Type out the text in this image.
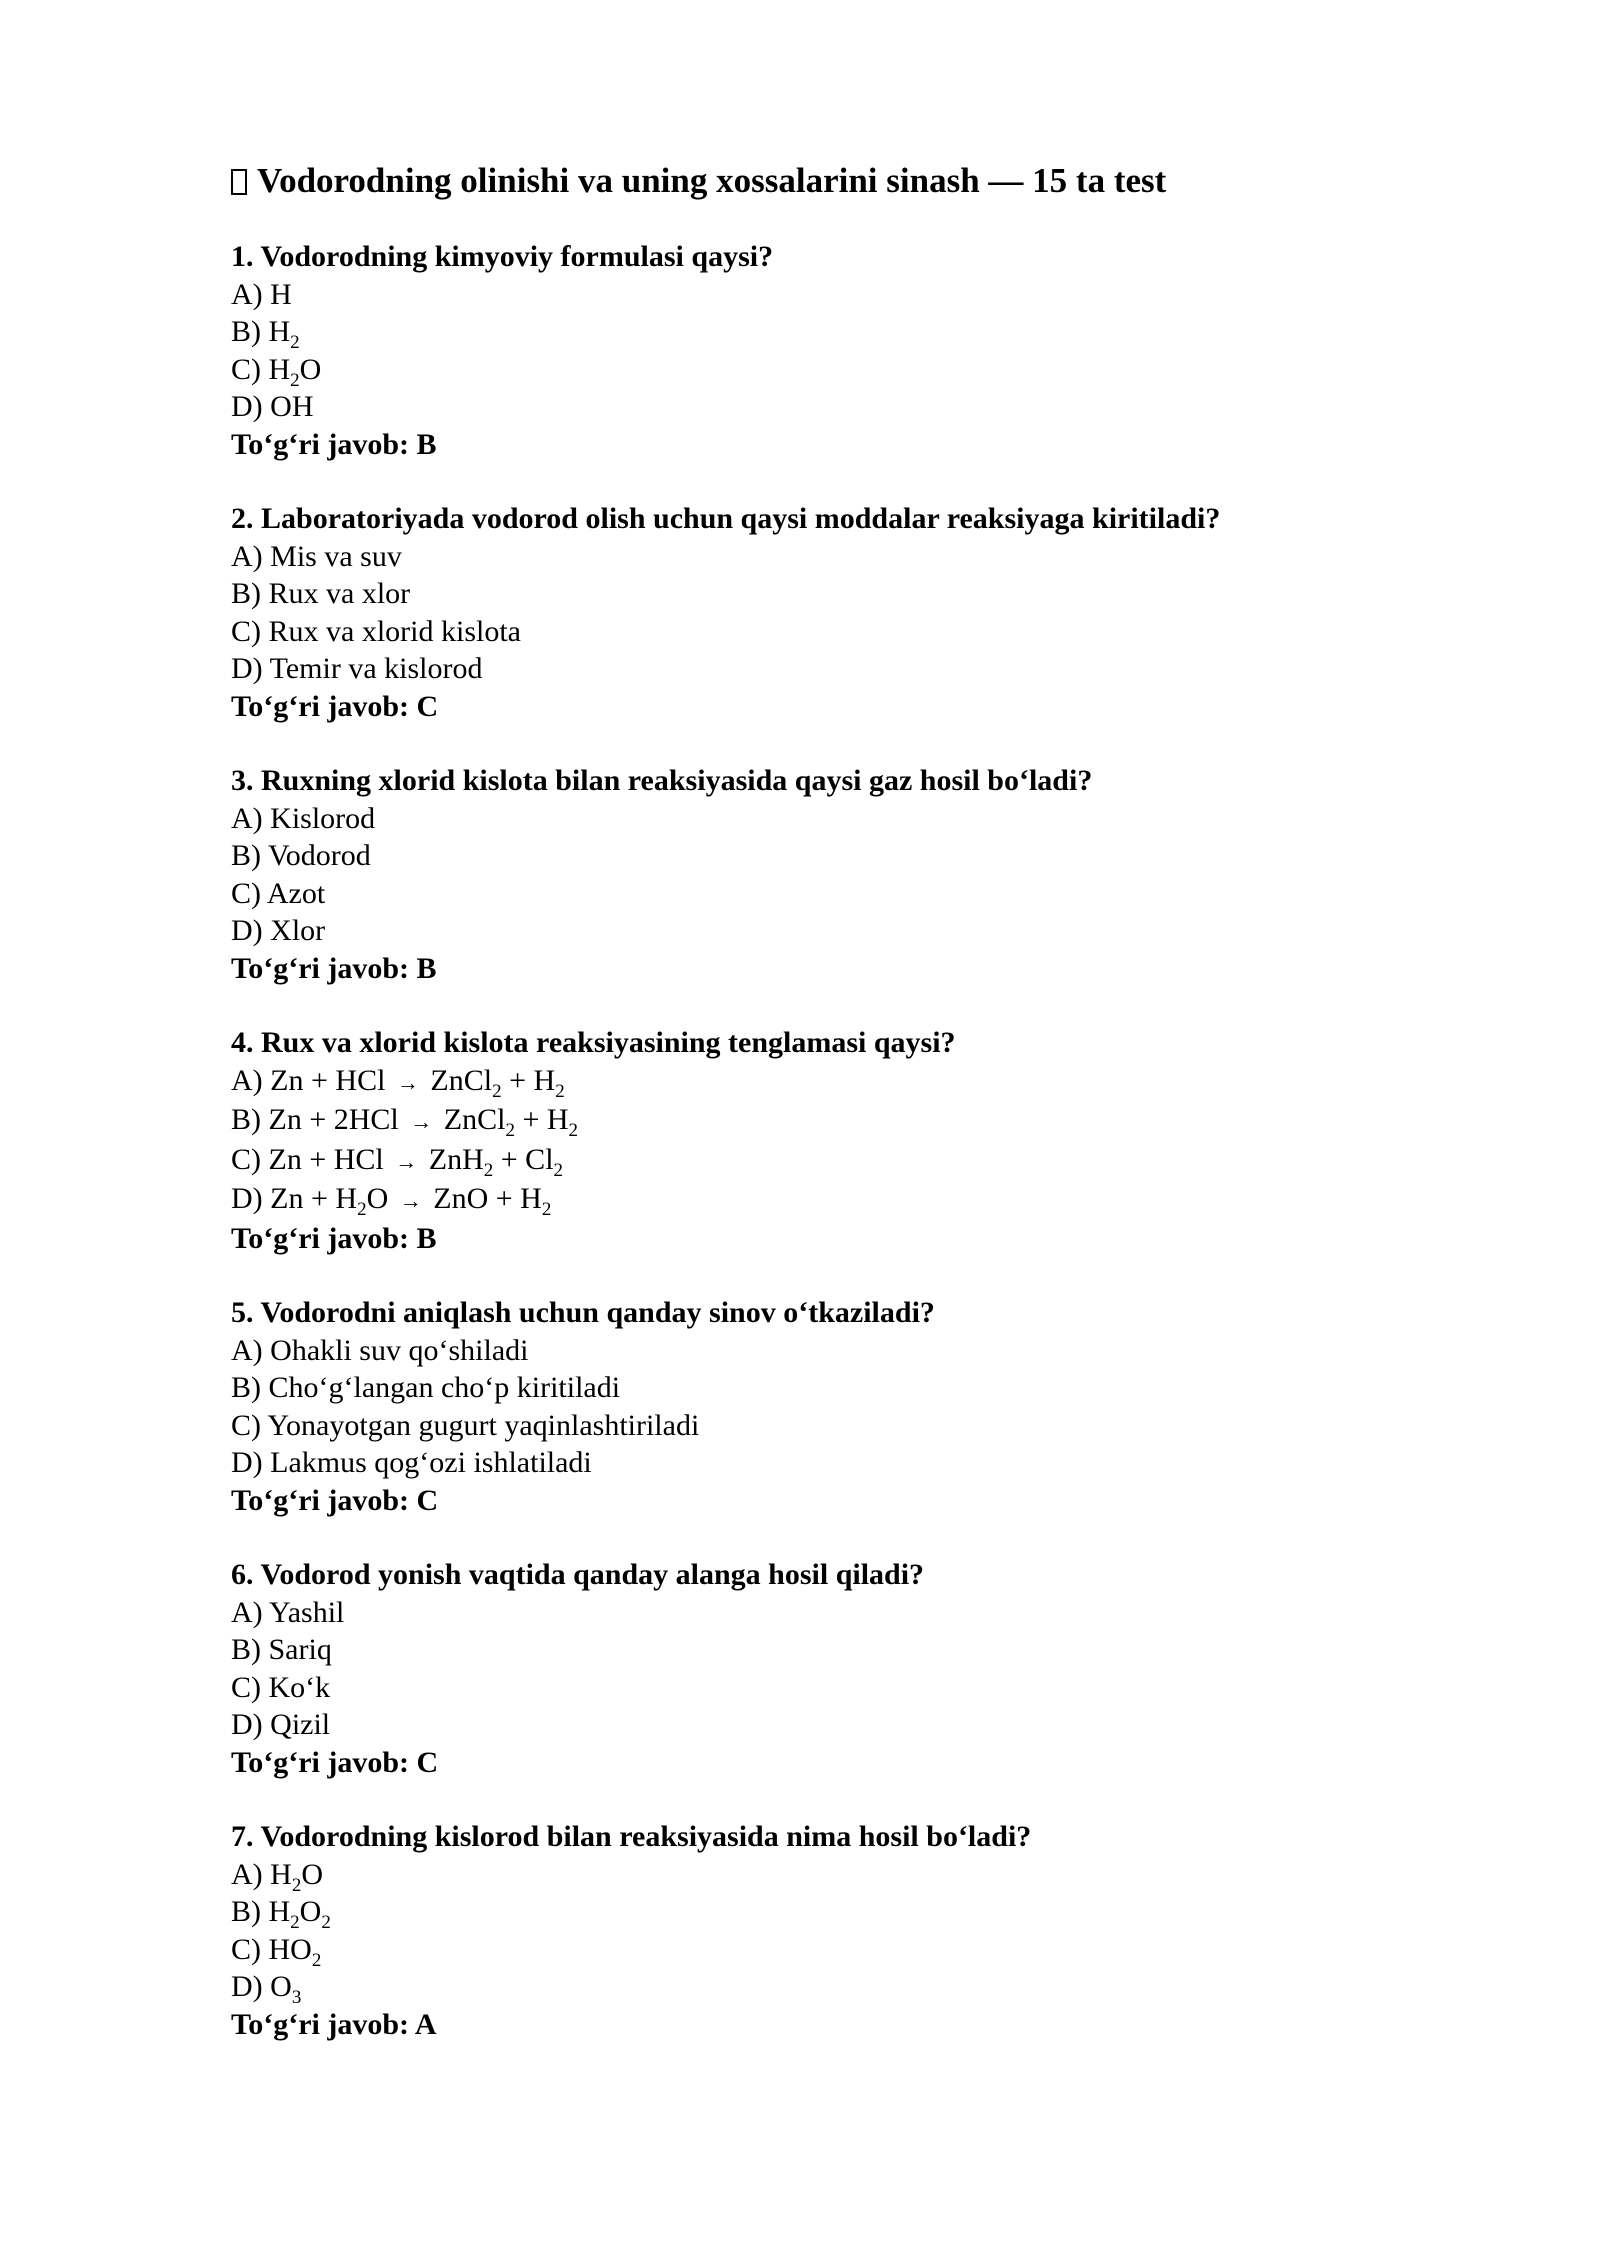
Vodorodning olinishi va uning xossalarini sinash — 15 ta test
1. Vodorodning kimyoviy formulasi qaysi?
A) H
B) $H_2$
C) $H_2O$
D) OH
To‘g‘ri javob: B
2. Laboratoriyada vodorod olish uchun qaysi moddalar reaksiyaga kiritiladi?
A) Mis va suv
B) Rux va xlor
C) Rux va xlorid kislota
D) Temir va kislorod
To‘g‘ri javob: C
3. Ruxning xlorid kislota bilan reaksiyasida qaysi gaz hosil bo‘ladi?
A) Kislorod
B) Vodorod
C) Azot
D) Xlor
To‘g‘ri javob: B
4. Rux va xlorid kislota reaksiyasining tenglamasi qaysi?
A) Zn + HCl → ZnCl$_2$ + $H_2$
B) Zn + 2HCl → ZnCl$_2$ + $H_2$
C) Zn + HCl → $ZnH_2 + Cl_2$
D) $Zn + H_2O$ → ZnO + $H_2$
To‘g‘ri javob: B
5. Vodorodni aniqlash uchun qanday sinov o‘tkaziladi?
A) Ohakli suv qo‘shiladi
B) Cho‘g‘langan cho‘p kiritiladi
C) Yonayotgan gugurt yaqinlashtiriladi
D) Lakmus qog‘ozi ishlatiladi
To‘g‘ri javob: C
6. Vodorod yonish vaqtida qanday alanga hosil qiladi?
A) Yashil
B) Sariq
C) Ko‘k
D) Qizil
To‘g‘ri javob: C
7. Vodorodning kislorod bilan reaksiyasida nima hosil bo‘ladi?
A) $H_2O$
B) $H_2O_2$
C) $HO_2$
D) $O_3$
To‘g‘ri javob: A
